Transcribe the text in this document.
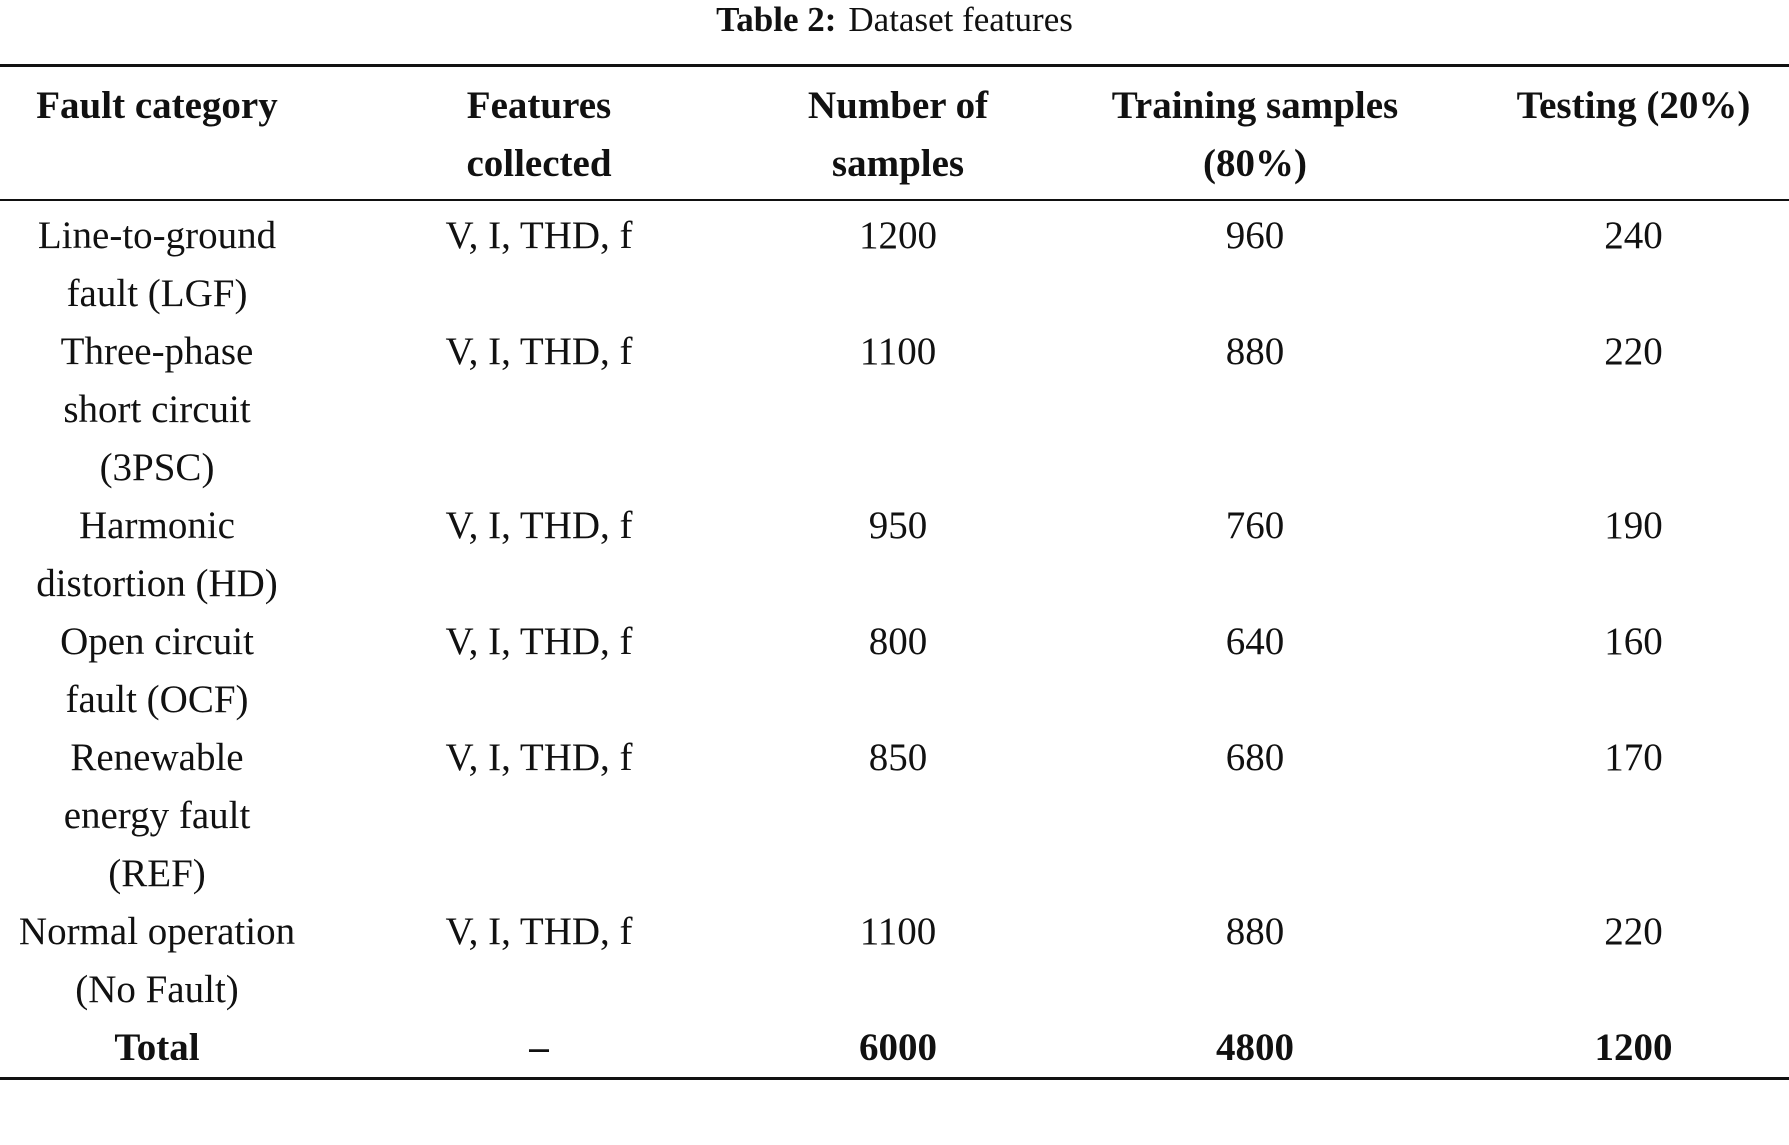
Table 2: Dataset features
Fault category	Features collected	Number of samples	Training samples (80%)	Testing (20%)
Line-to-ground fault (LGF)	V, I, THD, f	1200	960	240
Three-phase short circuit (3PSC)	V, I, THD, f	1100	880	220
Harmonic distortion (HD)	V, I, THD, f	950	760	190
Open circuit fault (OCF)	V, I, THD, f	800	640	160
Renewable energy fault (REF)	V, I, THD, f	850	680	170
Normal operation (No Fault)	V, I, THD, f	1100	880	220
Total	–	6000	4800	1200
